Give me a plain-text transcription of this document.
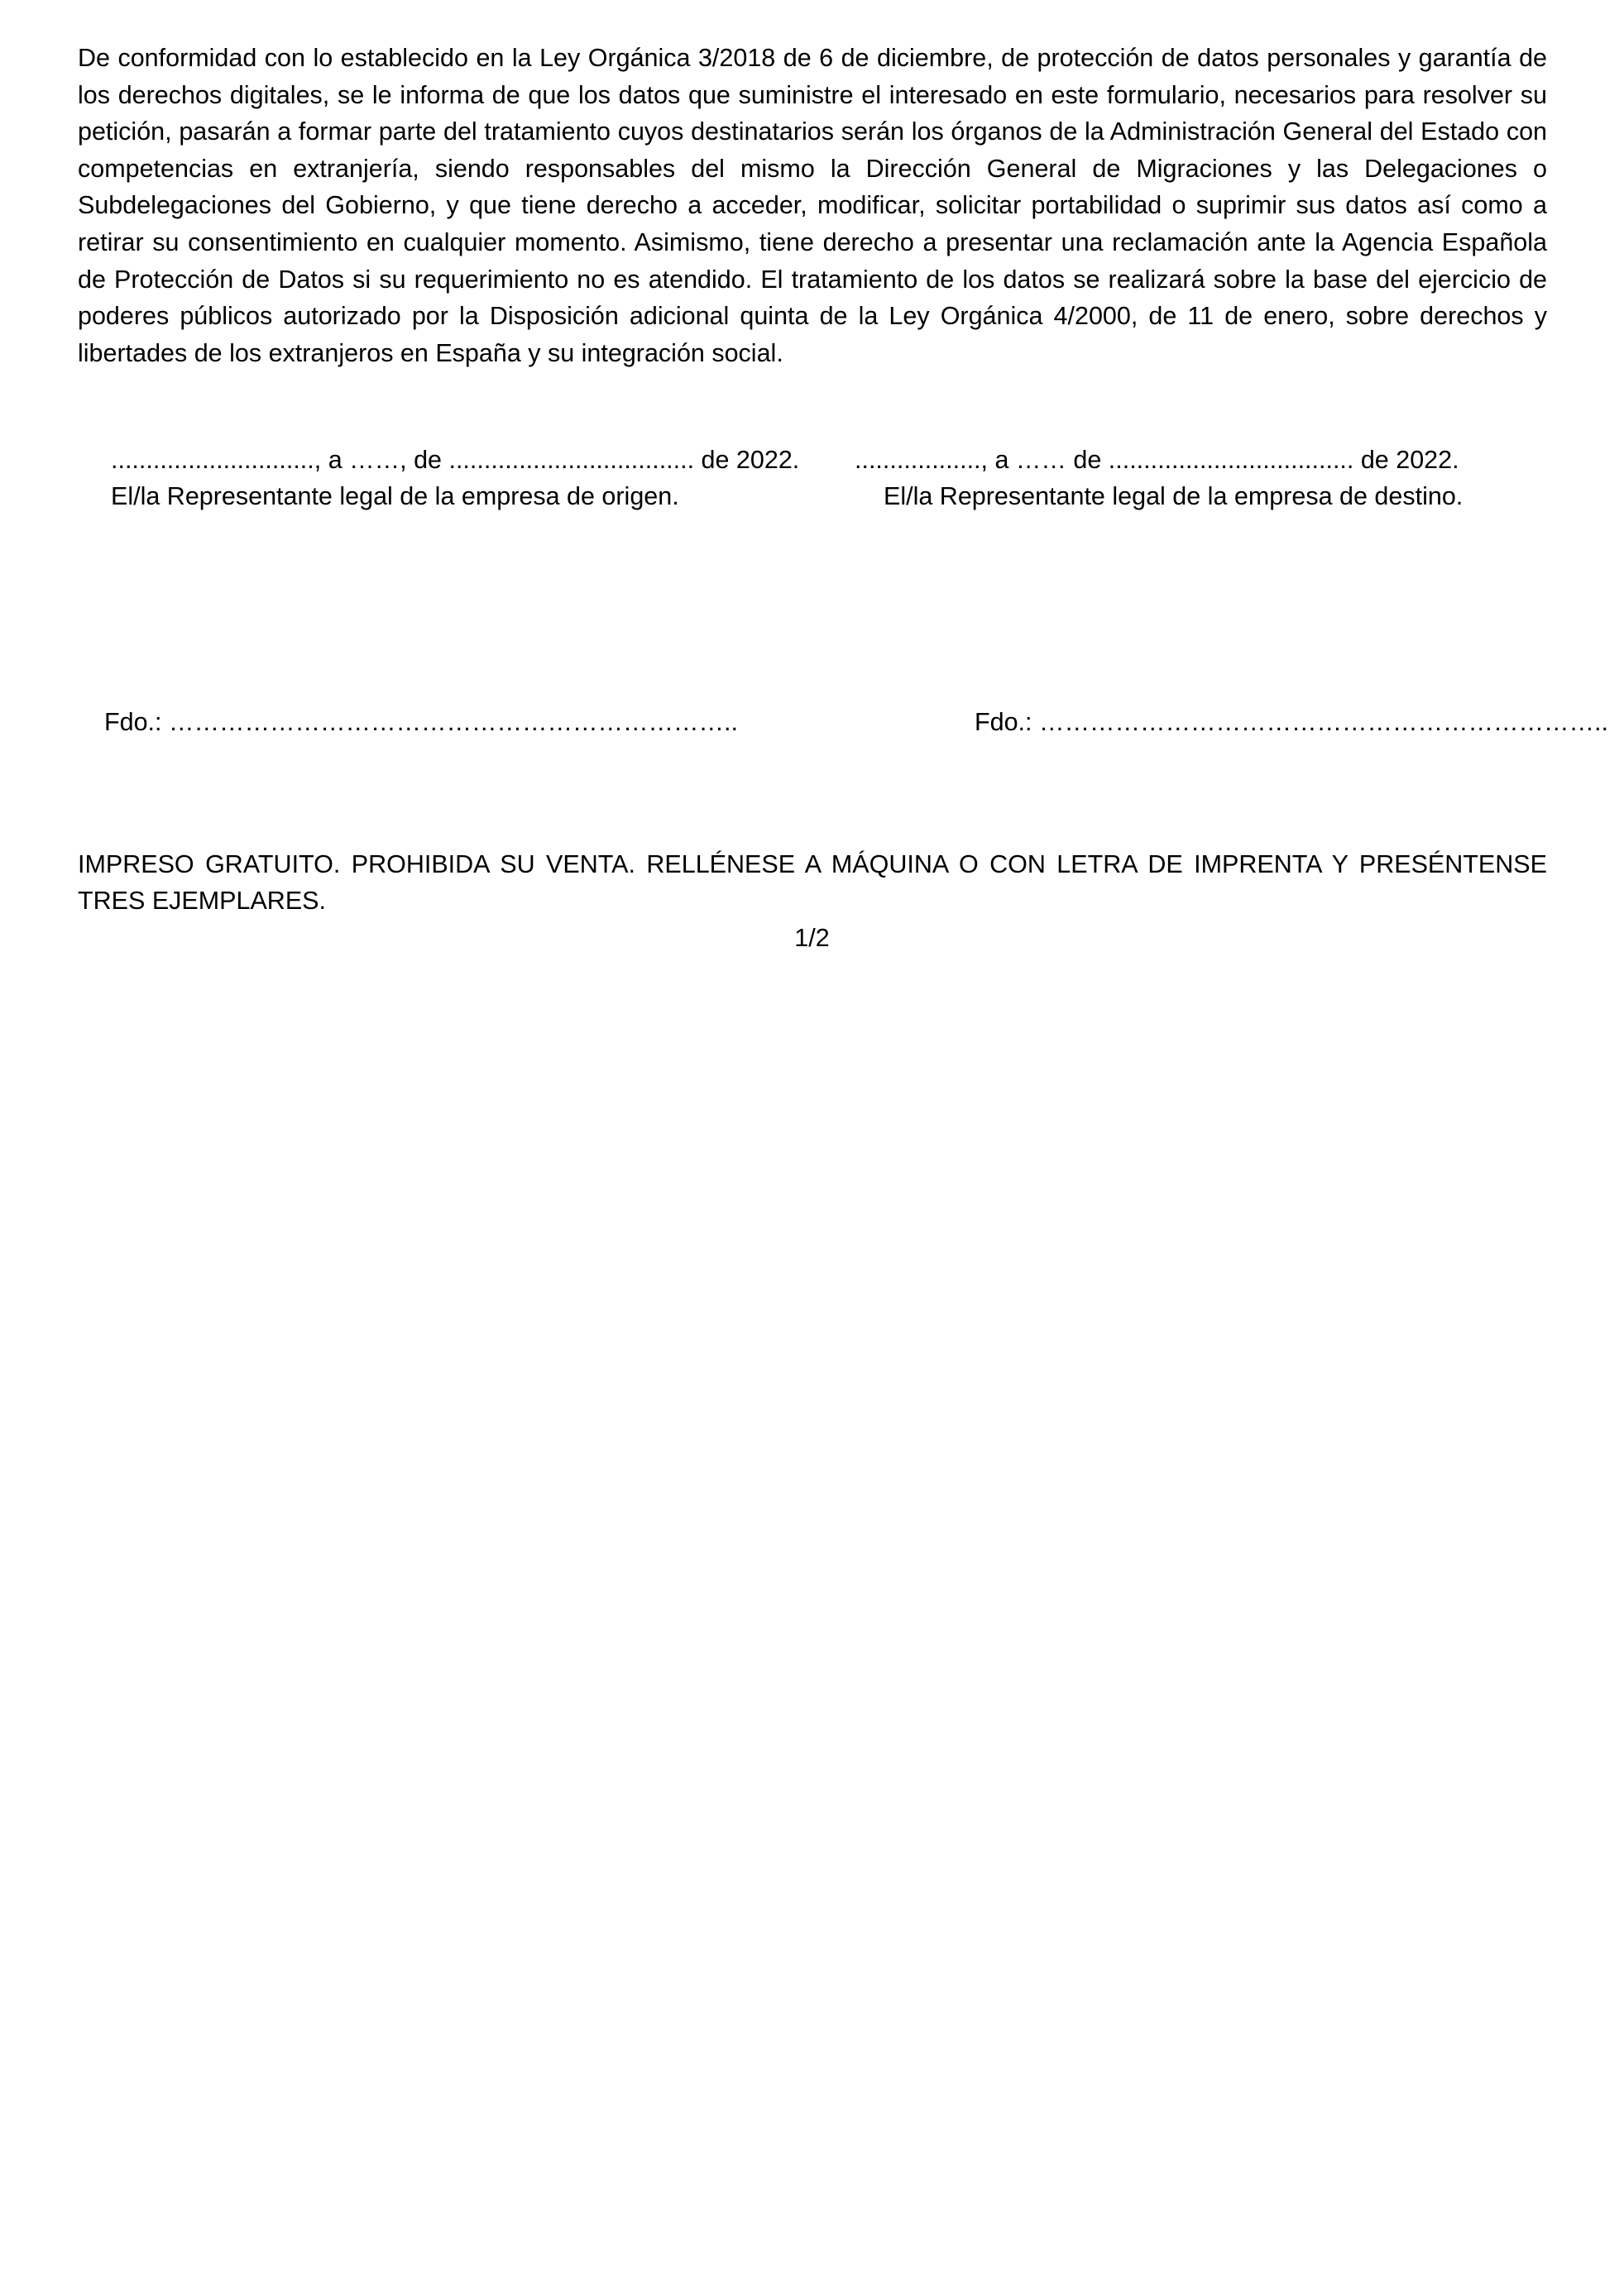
De conformidad con lo establecido en la Ley Orgánica 3/2018 de 6 de diciembre, de protección de datos personales y garantía de los derechos digitales, se le informa de que los datos que suministre el interesado en este formulario, necesarios para resolver su petición, pasarán a formar parte del tratamiento cuyos destinatarios serán los órganos de la Administración General del Estado con competencias en extranjería, siendo responsables del mismo la Dirección General de Migraciones y las Delegaciones o Subdelegaciones del Gobierno, y que tiene derecho a acceder, modificar, solicitar portabilidad o suprimir sus datos así como a retirar su consentimiento en cualquier momento. Asimismo, tiene derecho a presentar una reclamación ante la Agencia Española de Protección de Datos si su requerimiento no es atendido. El tratamiento de los datos se realizará sobre la base del ejercicio de poderes públicos autorizado por la Disposición adicional quinta de la Ley Orgánica 4/2000, de 11 de enero, sobre derechos y libertades de los extranjeros en España y su integración social.

............................., a ……, de ................................... de 2022. .................., a …… de ................................... de 2022.

El/la Representante legal de la empresa de origen.	El/la Representante legal de la empresa de destino.

Fdo.: …………………………………………………………..	Fdo.: …………………………………………………………..

IMPRESO GRATUITO. PROHIBIDA SU VENTA. RELLÉNESE A MÁQUINA O CON LETRA DE IMPRENTA Y PRESÉNTENSE TRES EJEMPLARES.

1/2
